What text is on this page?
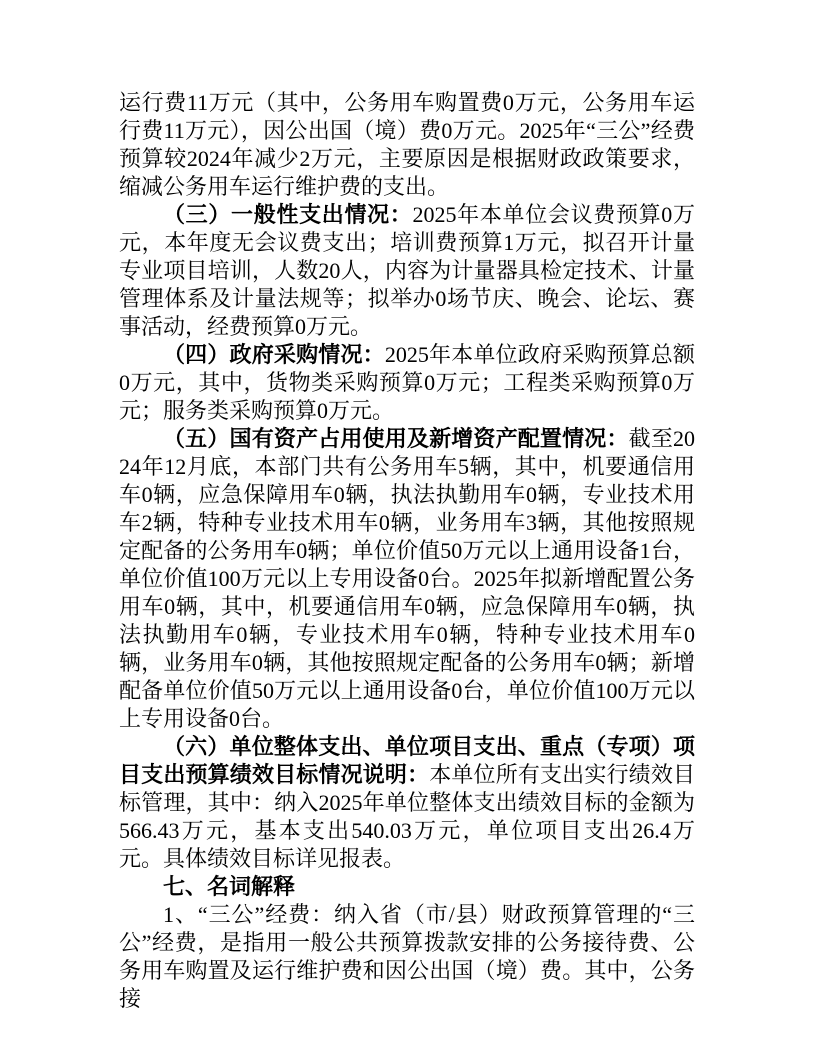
运行费11万元（其中，公务用车购置费0万元，公务用车运行费11万元），因公出国（境）费0万元。2025年“三公”经费预算较2024年减少2万元，主要原因是根据财政政策要求，缩减公务用车运行维护费的支出。

（三）一般性支出情况：2025年本单位会议费预算0万元，本年度无会议费支出；培训费预算1万元，拟召开计量专业项目培训，人数20人，内容为计量器具检定技术、计量管理体系及计量法规等；拟举办0场节庆、晚会、论坛、赛事活动，经费预算0万元。

（四）政府采购情况：2025年本单位政府采购预算总额0万元，其中，货物类采购预算0万元；工程类采购预算0万元；服务类采购预算0万元。

（五）国有资产占用使用及新增资产配置情况：截至2024年12月底，本部门共有公务用车5辆，其中，机要通信用车0辆，应急保障用车0辆，执法执勤用车0辆，专业技术用车2辆，特种专业技术用车0辆，业务用车3辆，其他按照规定配备的公务用车0辆；单位价值50万元以上通用设备1台，单位价值100万元以上专用设备0台。2025年拟新增配置公务用车0辆，其中，机要通信用车0辆，应急保障用车0辆，执法执勤用车0辆，专业技术用车0辆，特种专业技术用车0辆，业务用车0辆，其他按照规定配备的公务用车0辆；新增配备单位价值50万元以上通用设备0台，单位价值100万元以上专用设备0台。

（六）单位整体支出、单位项目支出、重点（专项）项目支出预算绩效目标情况说明：本单位所有支出实行绩效目标管理，其中：纳入2025年单位整体支出绩效目标的金额为566.43万元，基本支出540.03万元，单位项目支出26.4万元。具体绩效目标详见报表。

七、名词解释

1、“三公”经费：纳入省（市/县）财政预算管理的“三公”经费，是指用一般公共预算拨款安排的公务接待费、公务用车购置及运行维护费和因公出国（境）费。其中，公务接
